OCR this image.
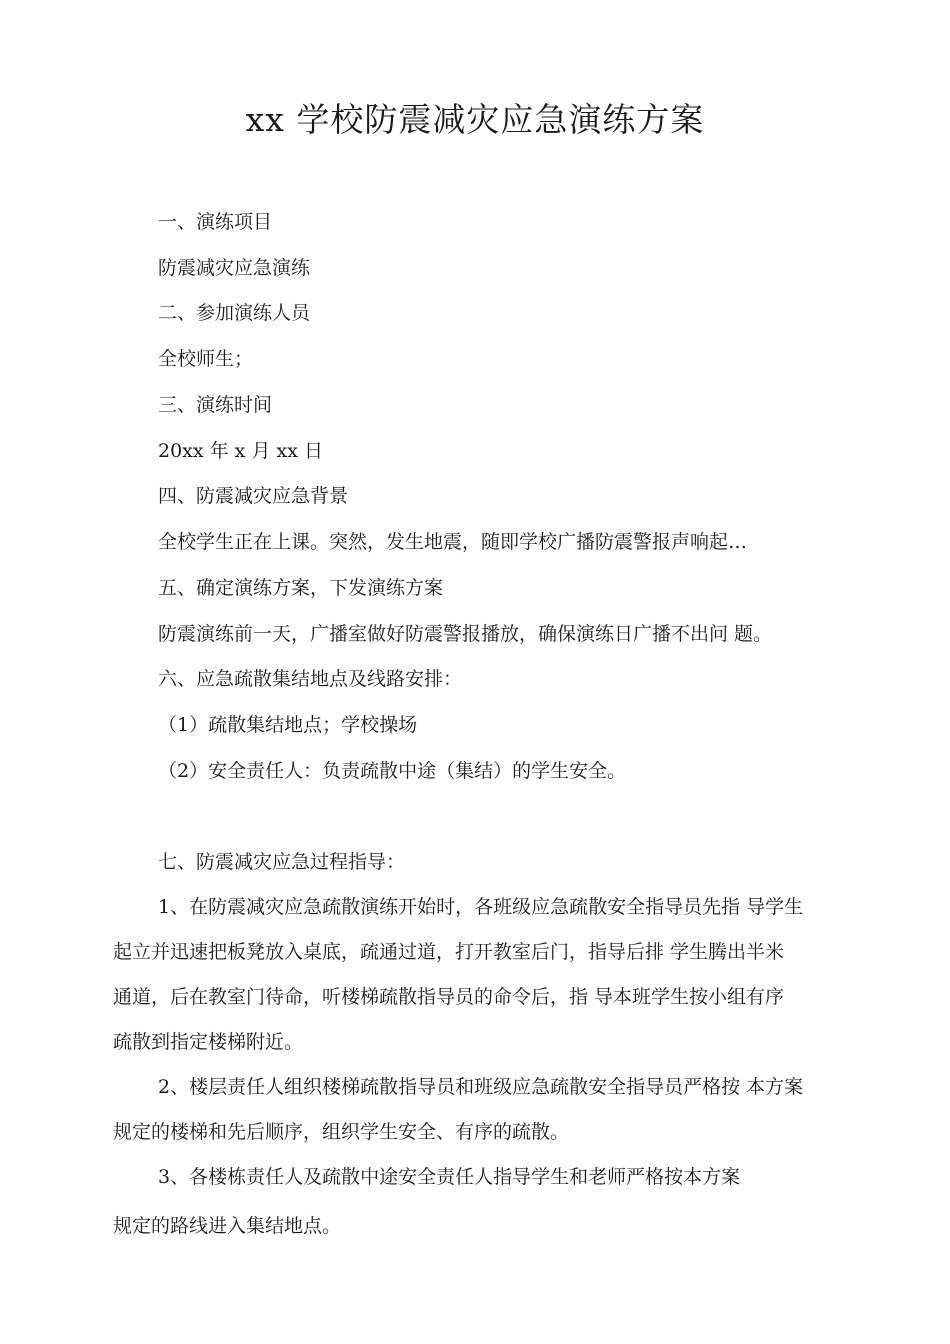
xx 学校防震减灾应急演练方案

一、演练项目

防震减灾应急演练

二、参加演练人员

全校师生；

三、演练时间

20xx 年 x 月 xx 日

四、防震减灾应急背景

全校学生正在上课。突然，发生地震，随即学校广播防震警报声响起…

五、确定演练方案，下发演练方案

防震演练前一天，广播室做好防震警报播放，确保演练日广播不出问 题。

六、应急疏散集结地点及线路安排：

（1）疏散集结地点；学校操场

（2）安全责任人：负责疏散中途（集结）的学生安全。

七、防震减灾应急过程指导：

1、在防震减灾应急疏散演练开始时，各班级应急疏散安全指导员先指 导学生

起立并迅速把板凳放入桌底，疏通过道，打开教室后门，指导后排 学生腾出半米

通道，后在教室门待命，听楼梯疏散指导员的命令后，指 导本班学生按小组有序

疏散到指定楼梯附近。

2、楼层责任人组织楼梯疏散指导员和班级应急疏散安全指导员严格按 本方案

规定的楼梯和先后顺序，组织学生安全、有序的疏散。

3、各楼栋责任人及疏散中途安全责任人指导学生和老师严格按本方案

规定的路线进入集结地点。
